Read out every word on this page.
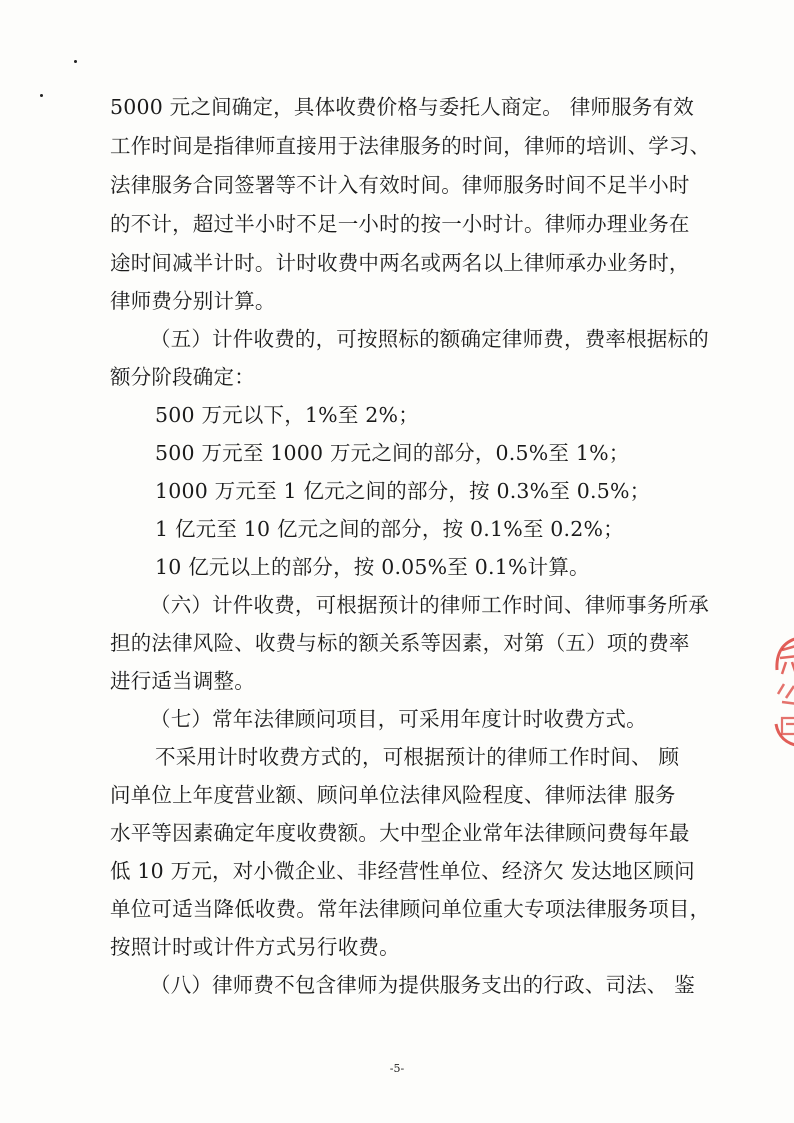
5000 元之间确定，具体收费价格与委托人商定。 律师服务有效
工作时间是指律师直接用于法律服务的时间，律师的培训、学习、
法律服务合同签署等不计入有效时间。律师服务时间不足半小时
的不计，超过半小时不足一小时的按一小时计。律师办理业务在
途时间减半计时。计时收费中两名或两名以上律师承办业务时，
律师费分别计算。
（五）计件收费的，可按照标的额确定律师费，费率根据标的
额分阶段确定：
500 万元以下，1%至 2%；
500 万元至 1000 万元之间的部分，0.5%至 1%；
1000 万元至 1 亿元之间的部分，按 0.3%至 0.5%；
1 亿元至 10 亿元之间的部分，按 0.1%至 0.2%；
10 亿元以上的部分，按 0.05%至 0.1%计算。
（六）计件收费，可根据预计的律师工作时间、律师事务所承
担的法律风险、收费与标的额关系等因素，对第（五）项的费率
进行适当调整。
（七）常年法律顾问项目，可采用年度计时收费方式。
不采用计时收费方式的，可根据预计的律师工作时间、 顾
问单位上年度营业额、顾问单位法律风险程度、律师法律 服务
水平等因素确定年度收费额。大中型企业常年法律顾问费每年最
低 10 万元，对小微企业、非经营性单位、经济欠 发达地区顾问
单位可适当降低收费。常年法律顾问单位重大专项法律服务项目，
按照计时或计件方式另行收费。
（八）律师费不包含律师为提供服务支出的行政、司法、 鉴
-5-
